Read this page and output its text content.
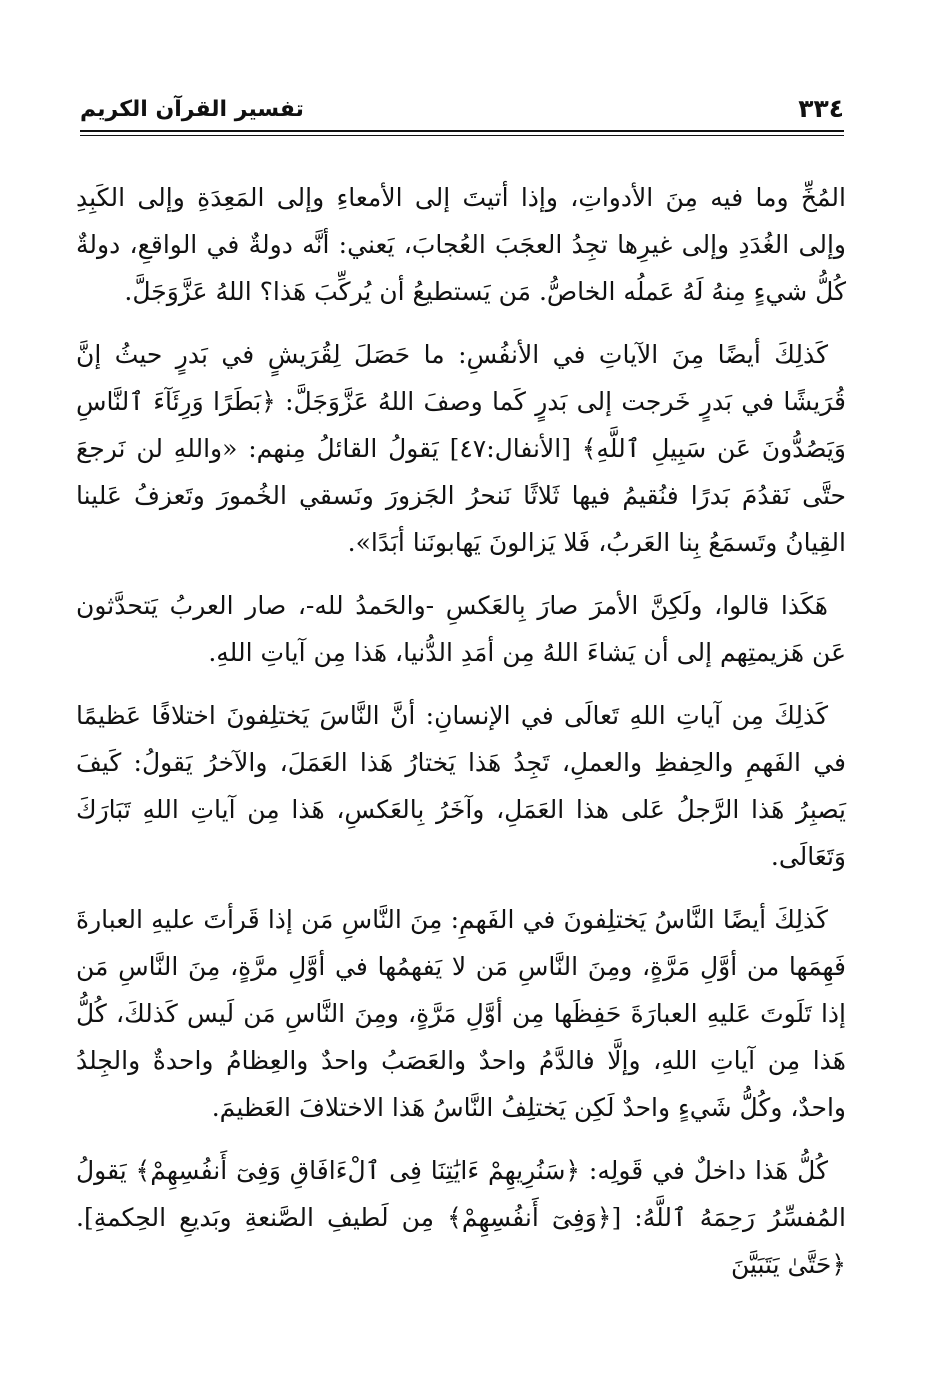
٣٣٤
تفسير القرآن الكريم

المُخِّ وما فيه مِنَ الأدواتِ، وإذا أتيتَ إلى الأمعاءِ وإلى المَعِدَةِ وإلى الكَبِدِ وإلى الغُدَدِ وإلى غيرِها تجِدُ العجَبَ العُجابَ، يَعني: أنَّه دولةٌ في الواقعِ، دولةٌ كُلُّ شيءٍ مِنهُ لَهُ عَملُه الخاصُّ. مَن يَستطيعُ أن يُركِّبَ هَذا؟ اللهُ عَزَّوَجَلَّ.

كَذلِكَ أيضًا مِنَ الآياتِ في الأنفُسِ: ما حَصَلَ لِقُرَيشٍ في بَدرٍ حيثُ إنَّ قُرَيشًا في بَدرٍ خَرجت إلى بَدرٍ كَما وصفَ اللهُ عَزَّوَجَلَّ: ﴿بَطَرًا وَرِئَآءَ ٱلنَّاسِ وَيَصُدُّونَ عَن سَبِيلِ ٱللَّهِ﴾ [الأنفال:٤٧] يَقولُ القائلُ مِنهم: «واللهِ لن نَرجعَ حتَّى نَقدُمَ بَدرًا فنُقيمُ فيها ثَلاثًا نَنحرُ الجَزورَ ونَسقي الخُمورَ وتَعزفُ عَلينا القِيانُ وتَسمَعُ بِنا العَربُ، فَلا يَزالونَ يَهابونَنا أبَدًا».

هَكَذا قالوا، ولَكِنَّ الأمرَ صارَ بِالعَكسِ -والحَمدُ لله-، صار العربُ يَتحدَّثون عَن هَزيمتِهم إلى أن يَشاءَ اللهُ مِن أمَدِ الدُّنيا، هَذا مِن آياتِ اللهِ.

كَذلِكَ مِن آياتِ اللهِ تَعالَى في الإنسانِ: أنَّ النَّاسَ يَختلِفونَ اختلافًا عَظيمًا في الفَهمِ والحِفظِ والعملِ، تَجِدُ هَذا يَختارُ هَذا العَمَلَ، والآخرُ يَقولُ: كَيفَ يَصبِرُ هَذا الرَّجلُ عَلى هذا العَمَلِ، وآخَرُ بِالعَكسِ، هَذا مِن آياتِ اللهِ تَبَارَكَ وَتَعَالَى.

كَذلِكَ أيضًا النَّاسُ يَختلِفونَ في الفَهمِ: مِنَ النَّاسِ مَن إذا قَرأتَ عليهِ العبارةَ فَهِمَها من أوَّلِ مَرَّةٍ، ومِنَ النَّاسِ مَن لا يَفهمُها في أوَّلِ مرَّةٍ، مِنَ النَّاسِ مَن إذا تَلَوتَ عَليهِ العبارَةَ حَفِظَها مِن أوَّلِ مَرَّةٍ، ومِنَ النَّاسِ مَن لَيس كَذلكَ، كُلُّ هَذا مِن آياتِ اللهِ، وإلَّا فالدَّمُ واحدٌ والعَصَبُ واحدٌ والعِظامُ واحدةٌ والجِلدُ واحدٌ، وكُلُّ شَيءٍ واحدٌ لَكِن يَختلِفُ النَّاسُ هَذا الاختلافَ العَظيمَ.

كُلُّ هَذا داخلٌ في قَولِه: ﴿سَنُرِيهِمْ ءَايَٰتِنَا فِى ٱلْءَافَاقِ وَفِىٓ أَنفُسِهِمْ﴾ يَقولُ المُفسِّرُ رَحِمَهُ ٱللَّهُ: [﴿وَفِىٓ أَنفُسِهِمْ﴾ مِن لَطيفِ الصَّنعةِ وبَديعِ الحِكمةِ]. ﴿حَتَّىٰ يَتَبَيَّنَ
